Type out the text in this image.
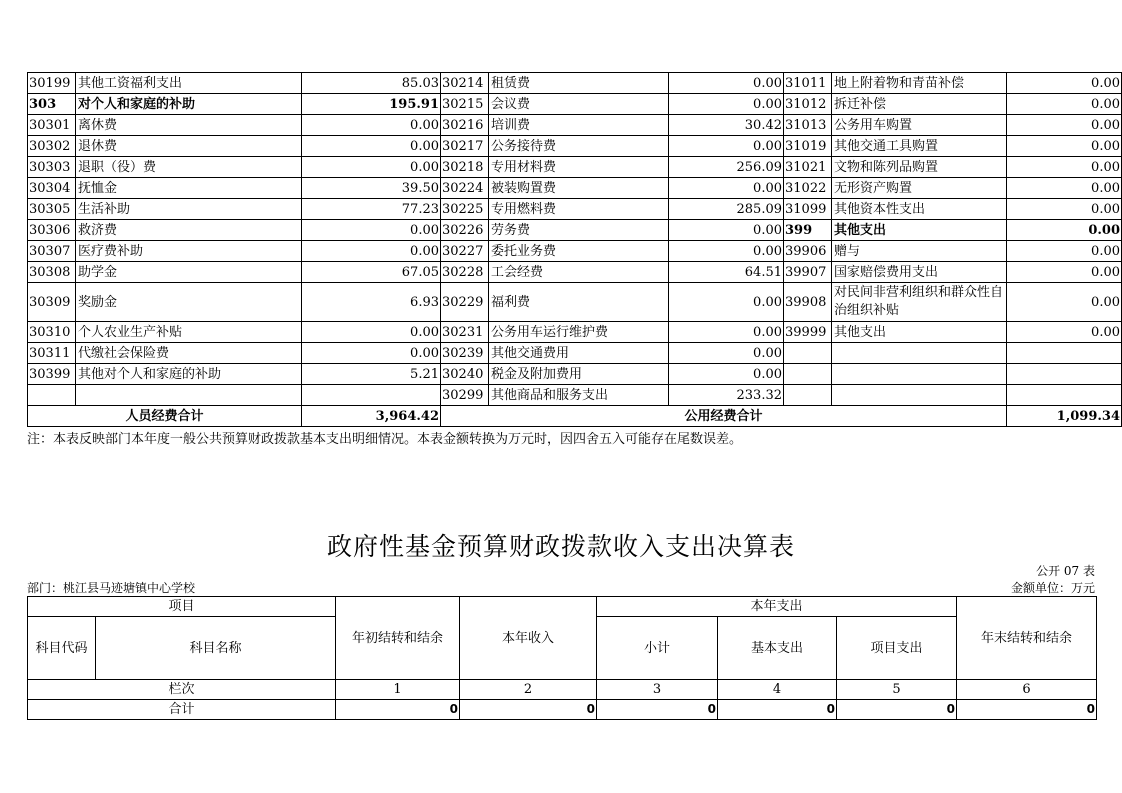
30199	其他工资福利支出	85.03	30214	租赁费	0.00	31011	地上附着物和青苗补偿	0.00
303	对个人和家庭的补助	195.91	30215	会议费	0.00	31012	拆迁补偿	0.00
30301	离休费	0.00	30216	培训费	30.42	31013	公务用车购置	0.00
30302	退休费	0.00	30217	公务接待费	0.00	31019	其他交通工具购置	0.00
30303	退职（役）费	0.00	30218	专用材料费	256.09	31021	文物和陈列品购置	0.00
30304	抚恤金	39.50	30224	被装购置费	0.00	31022	无形资产购置	0.00
30305	生活补助	77.23	30225	专用燃料费	285.09	31099	其他资本性支出	0.00
30306	救济费	0.00	30226	劳务费	0.00	399	其他支出	0.00
30307	医疗费补助	0.00	30227	委托业务费	0.00	39906	赠与	0.00
30308	助学金	67.05	30228	工会经费	64.51	39907	国家赔偿费用支出	0.00
30309	奖励金	6.93	30229	福利费	0.00	39908	对民间非营利组织和群众性自治组织补贴	0.00
30310	个人农业生产补贴	0.00	30231	公务用车运行维护费	0.00	39999	其他支出	0.00
30311	代缴社会保险费	0.00	30239	其他交通费用	0.00			
30399	其他对个人和家庭的补助	5.21	30240	税金及附加费用	0.00			
			30299	其他商品和服务支出	233.32			
人员经费合计		3,964.42	公用经费合计					1,099.34
注：本表反映部门本年度一般公共预算财政拨款基本支出明细情况。本表金额转换为万元时，因四舍五入可能存在尾数误差。
政府性基金预算财政拨款收入支出决算表
公开 07 表
部门：桃江县马迹塘镇中心学校	金额单位：万元
项目		年初结转和结余	本年收入	本年支出			年末结转和结余
科目代码	科目名称			小计	基本支出	项目支出	
栏次		1	2	3	4	5	6
合计		0	0	0	0	0	0
